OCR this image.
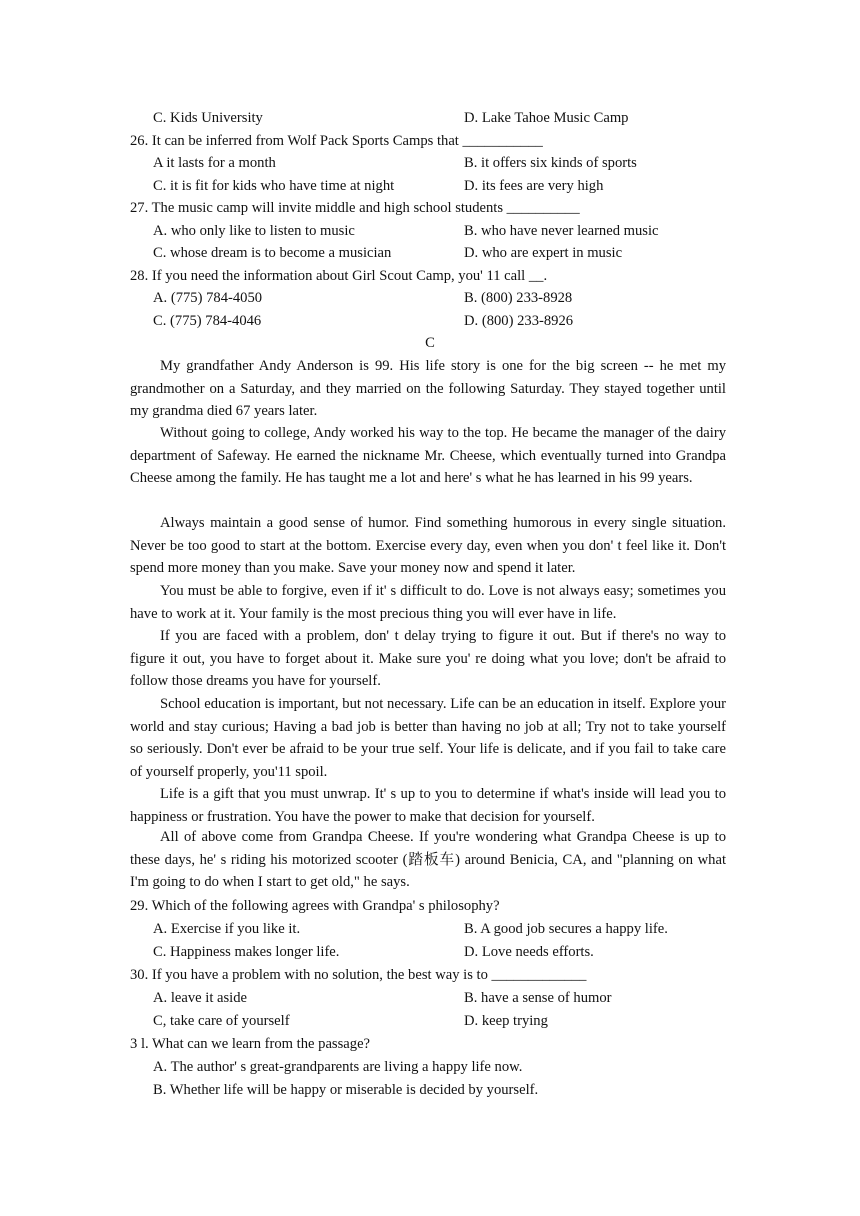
C. Kids University	D. Lake Tahoe Music Camp
26. It can be inferred from Wolf Pack Sports Camps that ___________
A it lasts for a month	B. it offers six kinds of sports
C. it is fit for kids who have time at night	D. its fees are very high
27. The music camp will invite middle and high school students __________
A. who only like to listen to music	B. who have never learned music
C. whose dream is to become a musician	D. who are expert in music
28. If you need the information about Girl Scout Camp, you' 11 call __.
A. (775) 784-4050	B. (800) 233-8928
C. (775) 784-4046	D. (800) 233-8926
C
My grandfather Andy Anderson is 99. His life story is one for the big screen -- he met my grandmother on a Saturday, and they married on the following Saturday. They stayed together until my grandma died 67 years later.
Without going to college, Andy worked his way to the top. He became the manager of the dairy department of Safeway. He earned the nickname Mr. Cheese, which eventually turned into Grandpa Cheese among the family. He has taught me a lot and here' s what he has learned in his 99 years.
Always maintain a good sense of humor. Find something humorous in every single situation. Never be too good to start at the bottom. Exercise every day, even when you don' t feel like it. Don't spend more money than you make. Save your money now and spend it later.
You must be able to forgive, even if it' s difficult to do. Love is not always easy; sometimes you have to work at it. Your family is the most precious thing you will ever have in life.
If you are faced with a problem, don' t delay trying to figure it out. But if there's no way to figure it out, you have to forget about it. Make sure you' re doing what you love; don't be afraid to follow those dreams you have for yourself.
School education is important, but not necessary. Life can be an education in itself. Explore your world and stay curious; Having a bad job is better than having no job at all; Try not to take yourself so seriously. Don't ever be afraid to be your true self. Your life is delicate, and if you fail to take care of yourself properly, you'11 spoil.
Life is a gift that you must unwrap. It' s up to you to determine if what's inside will lead you to happiness or frustration. You have the power to make that decision for yourself.
All of above come from Grandpa Cheese. If you're wondering what Grandpa Cheese is up to these days, he' s riding his motorized scooter (踏板车) around Benicia, CA, and "planning on what I'm going to do when I start to get old," he says.
29. Which of the following agrees with Grandpa' s philosophy?
A. Exercise if you like it.	B. A good job secures a happy life.
C. Happiness makes longer life.	D. Love needs efforts.
30. If you have a problem with no solution, the best way is to _____________
A. leave it aside	B. have a sense of humor
C, take care of yourself	D. keep trying
3 l. What can we learn from the passage?
A. The author' s great-grandparents are living a happy life now.
B. Whether life will be happy or miserable is decided by yourself.
